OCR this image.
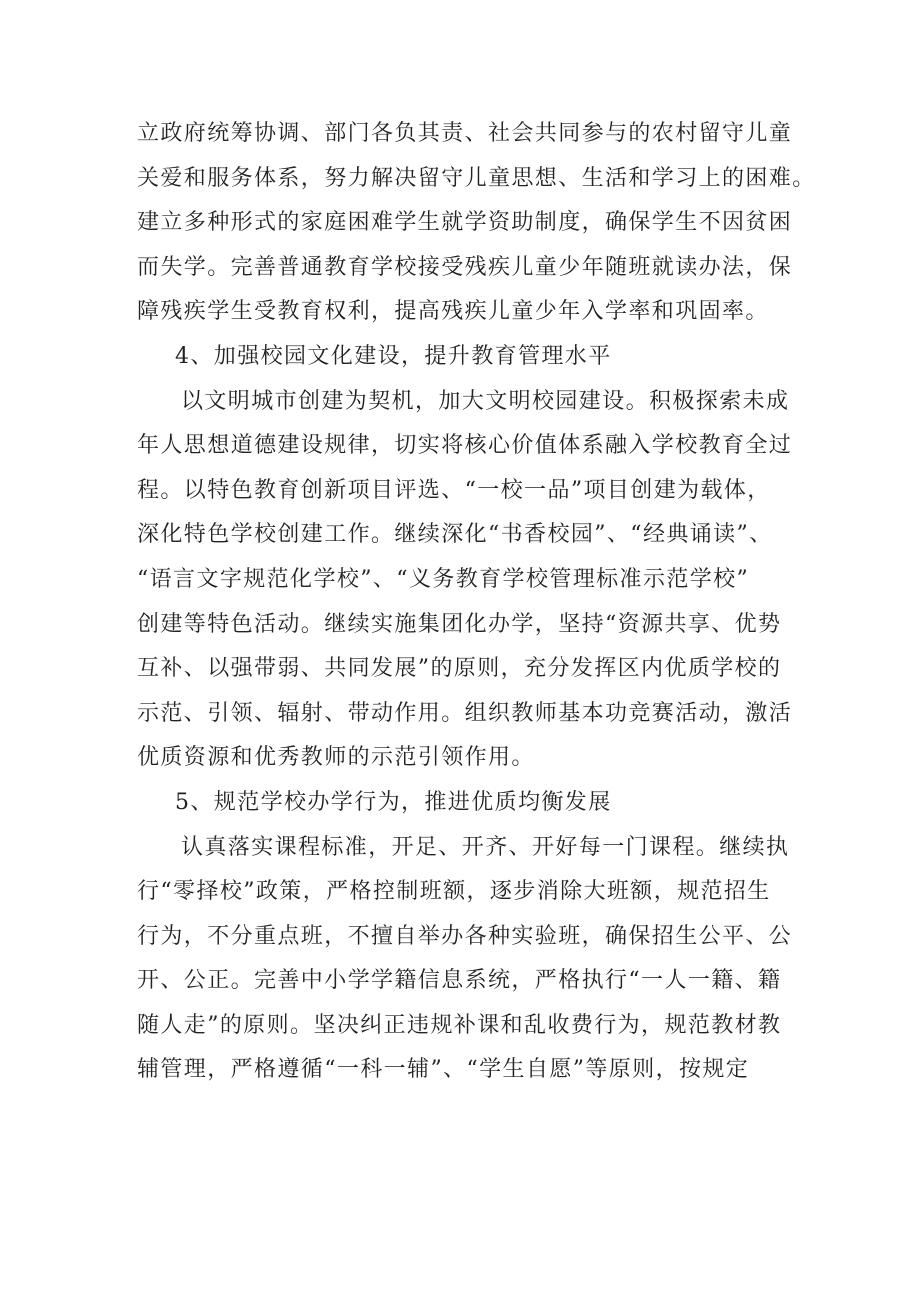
立政府统筹协调、部门各负其责、社会共同参与的农村留守儿童
关爱和服务体系，努力解决留守儿童思想、生活和学习上的困难。
建立多种形式的家庭困难学生就学资助制度，确保学生不因贫困
而失学。完善普通教育学校接受残疾儿童少年随班就读办法，保
障残疾学生受教育权利，提高残疾儿童少年入学率和巩固率。
4、加强校园文化建设，提升教育管理水平
以文明城市创建为契机，加大文明校园建设。积极探索未成
年人思想道德建设规律，切实将核心价值体系融入学校教育全过
程。以特色教育创新项目评选、“一校一品”项目创建为载体，
深化特色学校创建工作。继续深化“书香校园”、“经典诵读”、
“语言文字规范化学校”、“义务教育学校管理标准示范学校”
创建等特色活动。继续实施集团化办学，坚持“资源共享、优势
互补、以强带弱、共同发展”的原则，充分发挥区内优质学校的
示范、引领、辐射、带动作用。组织教师基本功竞赛活动，激活
优质资源和优秀教师的示范引领作用。
5、规范学校办学行为，推进优质均衡发展
认真落实课程标准，开足、开齐、开好每一门课程。继续执
行“零择校”政策，严格控制班额，逐步消除大班额，规范招生
行为，不分重点班，不擅自举办各种实验班，确保招生公平、公
开、公正。完善中小学学籍信息系统，严格执行“一人一籍、籍
随人走”的原则。坚决纠正违规补课和乱收费行为，规范教材教
辅管理，严格遵循“一科一辅”、“学生自愿”等原则，按规定
